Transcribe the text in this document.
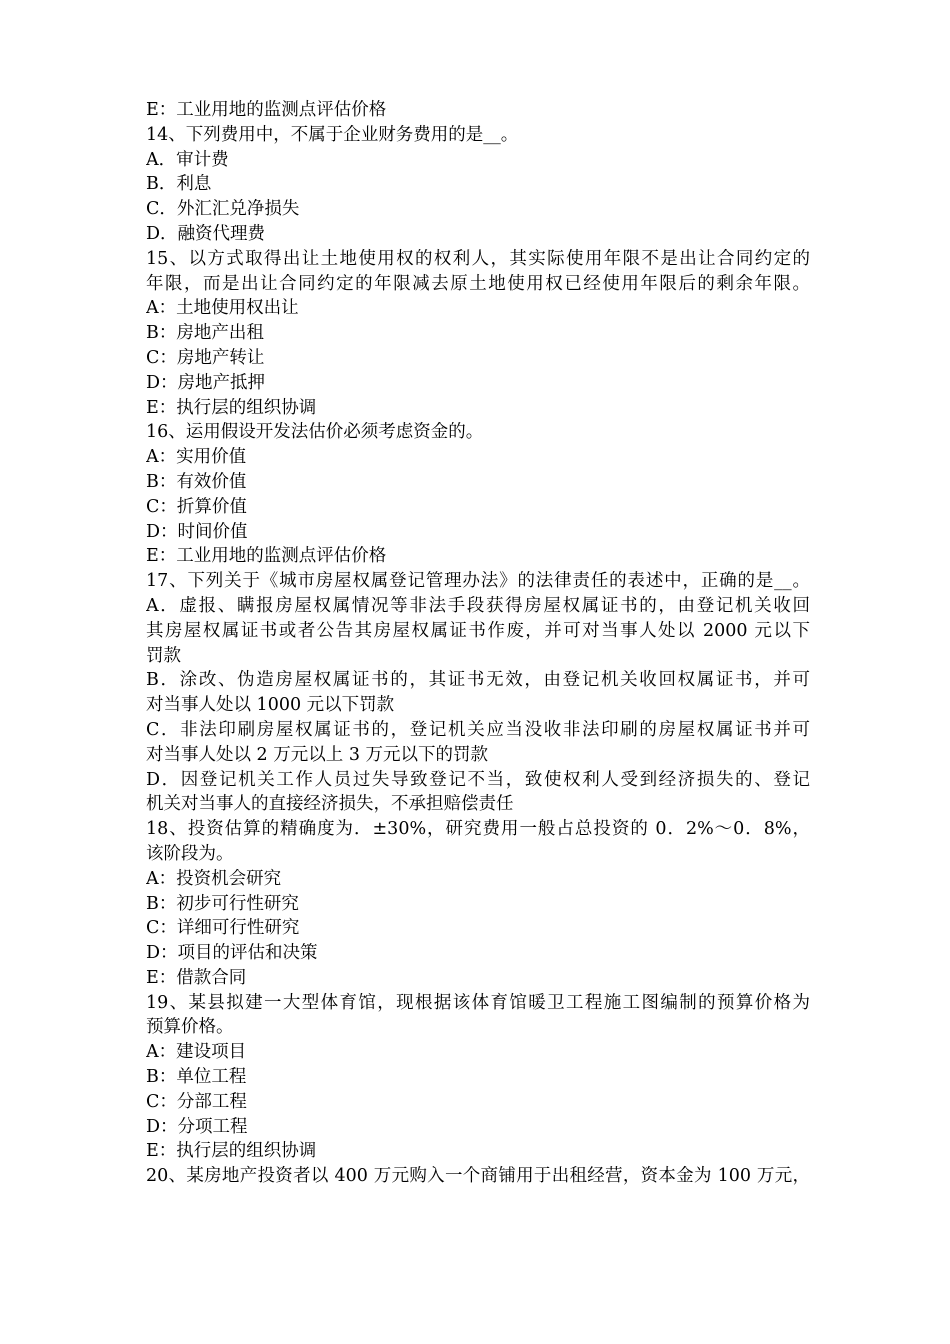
E：工业用地的监测点评估价格
14、下列费用中，不属于企业财务费用的是__。
A．审计费
B．利息
C．外汇汇兑净损失
D．融资代理费
15、以方式取得出让土地使用权的权利人，其实际使用年限不是出让合同约定的
年限，而是出让合同约定的年限减去原土地使用权已经使用年限后的剩余年限。
A：土地使用权出让
B：房地产出租
C：房地产转让
D：房地产抵押
E：执行层的组织协调
16、运用假设开发法估价必须考虑资金的。
A：实用价值
B：有效价值
C：折算价值
D：时间价值
E：工业用地的监测点评估价格
17、下列关于《城市房屋权属登记管理办法》的法律责任的表述中，正确的是__。
A．虚报、瞒报房屋权属情况等非法手段获得房屋权属证书的，由登记机关收回
其房屋权属证书或者公告其房屋权属证书作废，并可对当事人处以 2000 元以下
罚款
B．涂改、伪造房屋权属证书的，其证书无效，由登记机关收回权属证书，并可
对当事人处以 1000 元以下罚款
C．非法印刷房屋权属证书的，登记机关应当没收非法印刷的房屋权属证书并可
对当事人处以 2 万元以上 3 万元以下的罚款
D．因登记机关工作人员过失导致登记不当，致使权利人受到经济损失的、登记
机关对当事人的直接经济损失，不承担赔偿责任
18、投资估算的精确度为．±30%，研究费用一般占总投资的 0．2%～0．8%，
该阶段为。
A：投资机会研究
B：初步可行性研究
C：详细可行性研究
D：项目的评估和决策
E：借款合同
19、某县拟建一大型体育馆，现根据该体育馆暖卫工程施工图编制的预算价格为
预算价格。
A：建设项目
B：单位工程
C：分部工程
D：分项工程
E：执行层的组织协调
20、某房地产投资者以 400 万元购入一个商铺用于出租经营，资本金为 100 万元，
